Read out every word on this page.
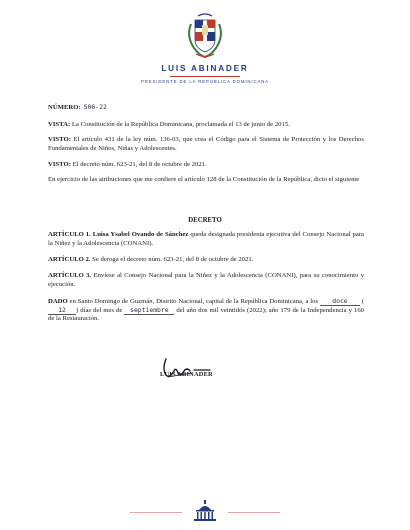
LUIS ABINADER
PRESIDENTE DE LA REPÚBLICA DOMINICANA
NÚMERO: 506-22
VISTA: La Constitución de la República Dominicana, proclamada el 13 de junio de 2015.
VISTO: El artículo 431 de la ley núm. 136-03, que crea el Código para el Sistema de Protección y los Derechos Fundamentales de Niños, Niñas y Adolescentes.
VISTO: El decreto núm. 623-21, del 8 de octubre de 2021.
En ejercicio de las atribuciones que me confiere el artículo 128 de la Constitución de la República, dicto el siguiente
DECRETO
ARTÍCULO 1. Luisa Ysabel Ovando de Sánchez queda designada presidenta ejecutiva del Consejo Nacional para la Niñez y la Adolescencia (CONANI).
ARTÍCULO 2. Se deroga el decreto núm. 623-21, del 8 de octubre de 2021.
ARTÍCULO 3. Envíese al Consejo Nacional para la Niñez y la Adolescencia (CONANI), para su conocimiento y ejecución.
DADO en Santo Domingo de Guzmán, Distrito Nacional, capital de la República Dominicana, a los doce (12 ) días del mes de septiembre del año dos mil veintidós (2022); año 179 de la Independencia y 160 de la Restauración.
LUIS ABINADER
